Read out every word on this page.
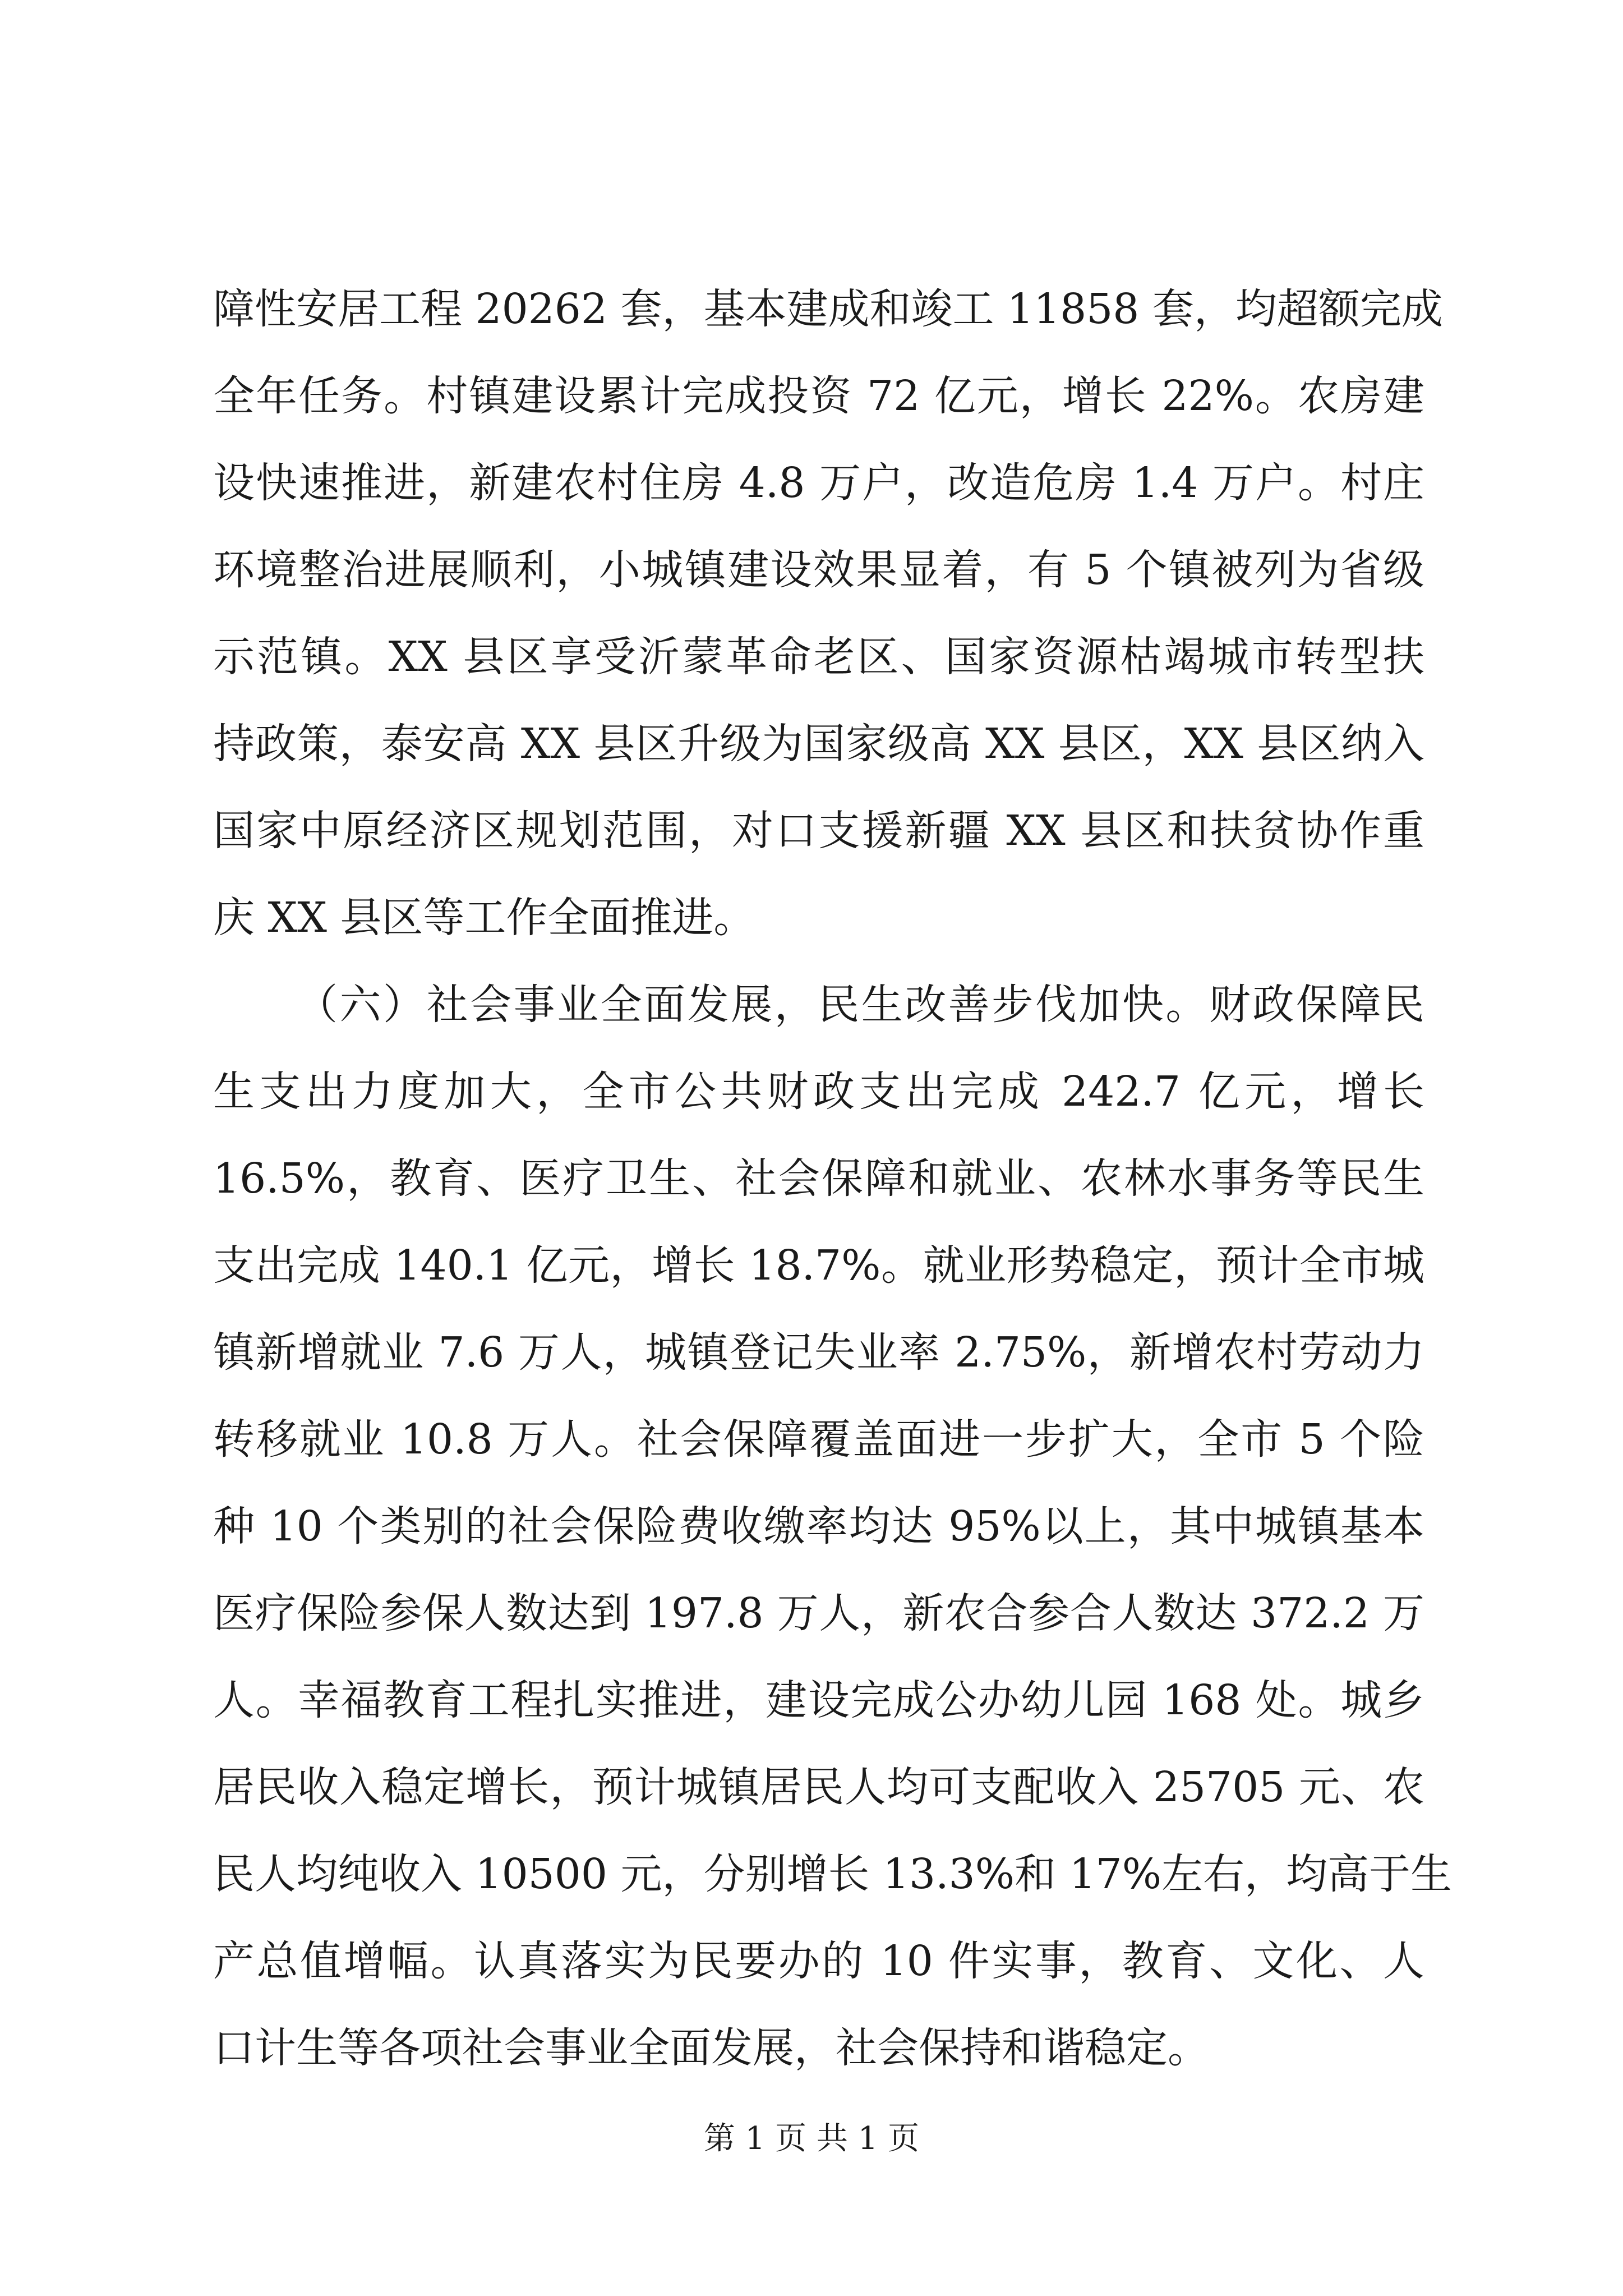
障性安居工程 20262 套，基本建成和竣工 11858 套，均超额完成
全年任务。村镇建设累计完成投资 72 亿元，增长 22%。农房建
设快速推进，新建农村住房 4.8 万户，改造危房 1.4 万户。村庄
环境整治进展顺利，小城镇建设效果显着，有 5 个镇被列为省级
示范镇。XX 县区享受沂蒙革命老区、国家资源枯竭城市转型扶
持政策，泰安高 XX 县区升级为国家级高 XX 县区，XX 县区纳入
国家中原经济区规划范围，对口支援新疆 XX 县区和扶贫协作重
庆 XX 县区等工作全面推进。
（六）社会事业全面发展，民生改善步伐加快。财政保障民
生支出力度加大，全市公共财政支出完成 242.7 亿元，增长
16.5%，教育、医疗卫生、社会保障和就业、农林水事务等民生
支出完成 140.1 亿元，增长 18.7%。就业形势稳定，预计全市城
镇新增就业 7.6 万人，城镇登记失业率 2.75%，新增农村劳动力
转移就业 10.8 万人。社会保障覆盖面进一步扩大，全市 5 个险
种 10 个类别的社会保险费收缴率均达 95%以上，其中城镇基本
医疗保险参保人数达到 197.8 万人，新农合参合人数达 372.2 万
人。幸福教育工程扎实推进，建设完成公办幼儿园 168 处。城乡
居民收入稳定增长，预计城镇居民人均可支配收入 25705 元、农
民人均纯收入 10500 元，分别增长 13.3%和 17%左右，均高于生
产总值增幅。认真落实为民要办的 10 件实事，教育、文化、人
口计生等各项社会事业全面发展，社会保持和谐稳定。
第 1 页 共 1 页
